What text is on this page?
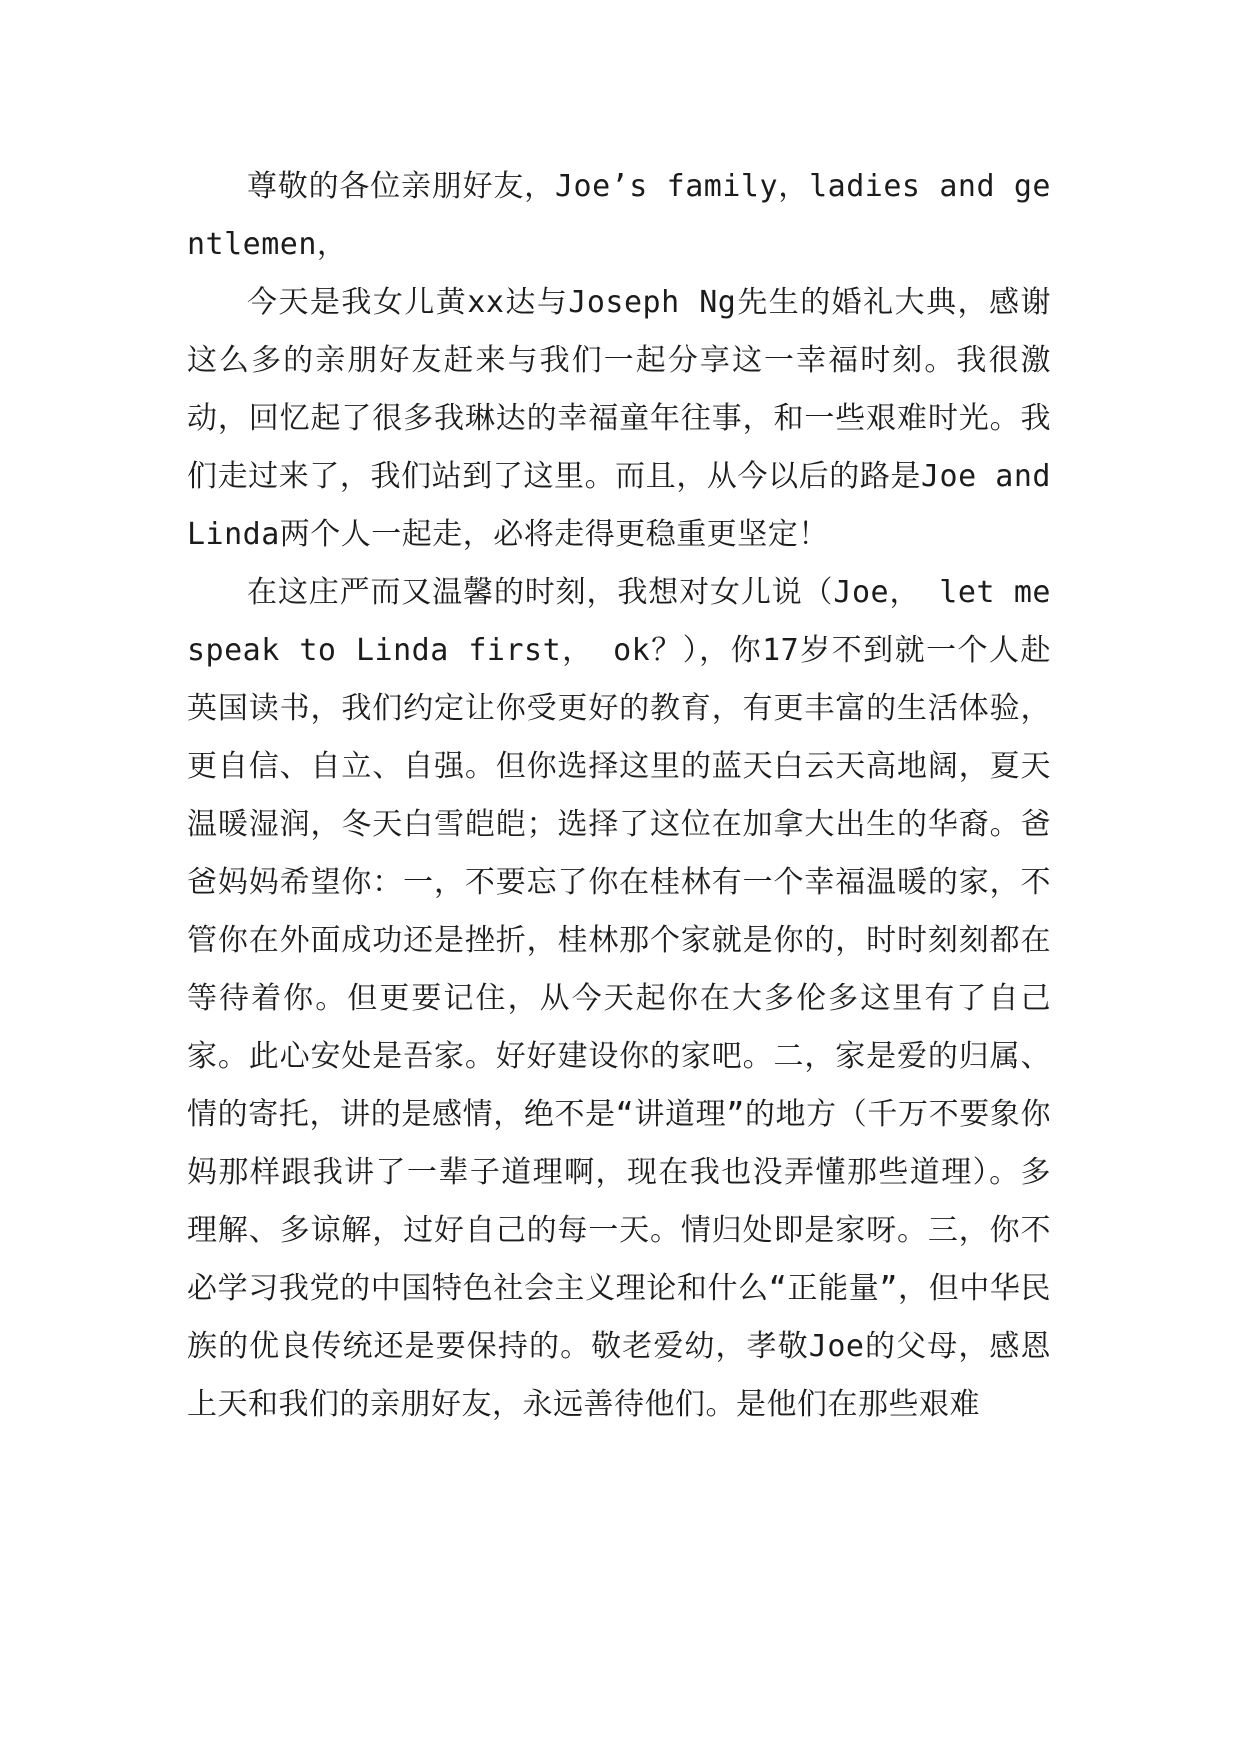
尊敬的各位亲朋好友，Joe’s family，ladies and gentlemen，

今天是我女儿黄xx达与Joseph Ng先生的婚礼大典，感谢这么多的亲朋好友赶来与我们一起分享这一幸福时刻。我很激动，回忆起了很多我琳达的幸福童年往事，和一些艰难时光。我们走过来了，我们站到了这里。而且，从今以后的路是Joe and Linda两个人一起走，必将走得更稳重更坚定！

在这庄严而又温馨的时刻，我想对女儿说（Joe， let me speak to Linda first， ok？），你17岁不到就一个人赴英国读书，我们约定让你受更好的教育，有更丰富的生活体验，更自信、自立、自强。但你选择这里的蓝天白云天高地阔，夏天温暖湿润，冬天白雪皑皑；选择了这位在加拿大出生的华裔。爸爸妈妈希望你：一，不要忘了你在桂林有一个幸福温暖的家，不管你在外面成功还是挫折，桂林那个家就是你的，时时刻刻都在等待着你。但更要记住，从今天起你在大多伦多这里有了自己家。此心安处是吾家。好好建设你的家吧。二，家是爱的归属、情的寄托，讲的是感情，绝不是“讲道理”的地方（千万不要象你妈那样跟我讲了一辈子道理啊，现在我也没弄懂那些道理）。多理解、多谅解，过好自己的每一天。情归处即是家呀。三，你不必学习我党的中国特色社会主义理论和什么“正能量”，但中华民族的优良传统还是要保持的。敬老爱幼，孝敬Joe的父母，感恩上天和我们的亲朋好友，永远善待他们。是他们在那些艰难
